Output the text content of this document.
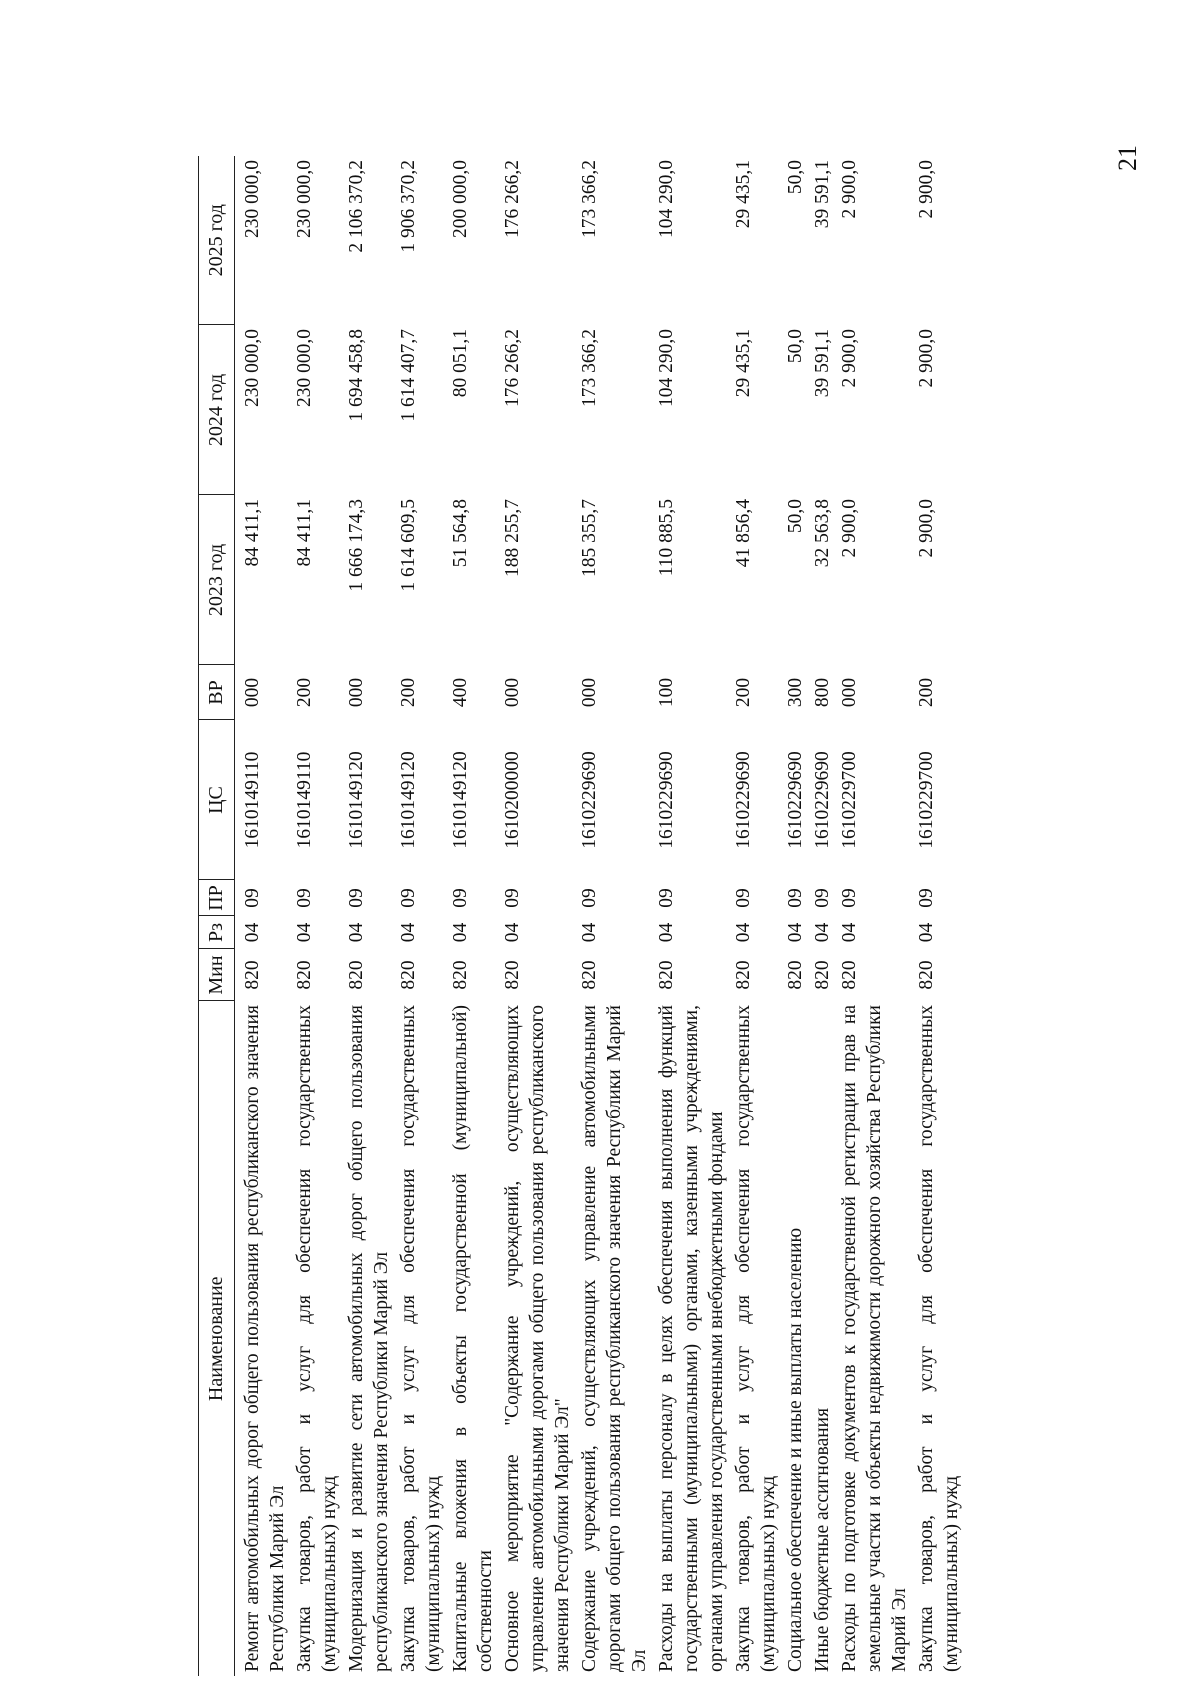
21
Наименование	Мин	Рз	ПР	ЦС	ВР	2023 год	2024 год	2025 год
Ремонт автомобильных дорог общего пользования республиканского значения Республики Марий Эл	820	04	09	1610149110	000	84 411,1	230 000,0	230 000,0
Закупка товаров, работ и услуг для обеспечения государственных (муниципальных) нужд	820	04	09	1610149110	200	84 411,1	230 000,0	230 000,0
Модернизация и развитие сети автомобильных дорог общего пользования республиканского значения Республики Марий Эл	820	04	09	1610149120	000	1 666 174,3	1 694 458,8	2 106 370,2
Закупка товаров, работ и услуг для обеспечения государственных (муниципальных) нужд	820	04	09	1610149120	200	1 614 609,5	1 614 407,7	1 906 370,2
Капитальные вложения в объекты государственной (муниципальной) собственности	820	04	09	1610149120	400	51 564,8	80 051,1	200 000,0
Основное мероприятие "Содержание учреждений, осуществляющих управление автомобильными дорогами общего пользования республиканского значения Республики Марий Эл"	820	04	09	1610200000	000	188 255,7	176 266,2	176 266,2
Содержание учреждений, осуществляющих управление автомобильными дорогами общего пользования республиканского значения Республики Марий Эл	820	04	09	1610229690	000	185 355,7	173 366,2	173 366,2
Расходы на выплаты персоналу в целях обеспечения выполнения функций государственными (муниципальными) органами, казенными учреждениями, органами управления государственными внебюджетными фондами	820	04	09	1610229690	100	110 885,5	104 290,0	104 290,0
Закупка товаров, работ и услуг для обеспечения государственных (муниципальных) нужд	820	04	09	1610229690	200	41 856,4	29 435,1	29 435,1
Социальное обеспечение и иные выплаты населению	820	04	09	1610229690	300	50,0	50,0	50,0
Иные бюджетные ассигнования	820	04	09	1610229690	800	32 563,8	39 591,1	39 591,1
Расходы по подготовке документов к государственной регистрации прав на земельные участки и объекты недвижимости дорожного хозяйства Республики Марий Эл	820	04	09	1610229700	000	2 900,0	2 900,0	2 900,0
Закупка товаров, работ и услуг для обеспечения государственных (муниципальных) нужд	820	04	09	1610229700	200	2 900,0	2 900,0	2 900,0
